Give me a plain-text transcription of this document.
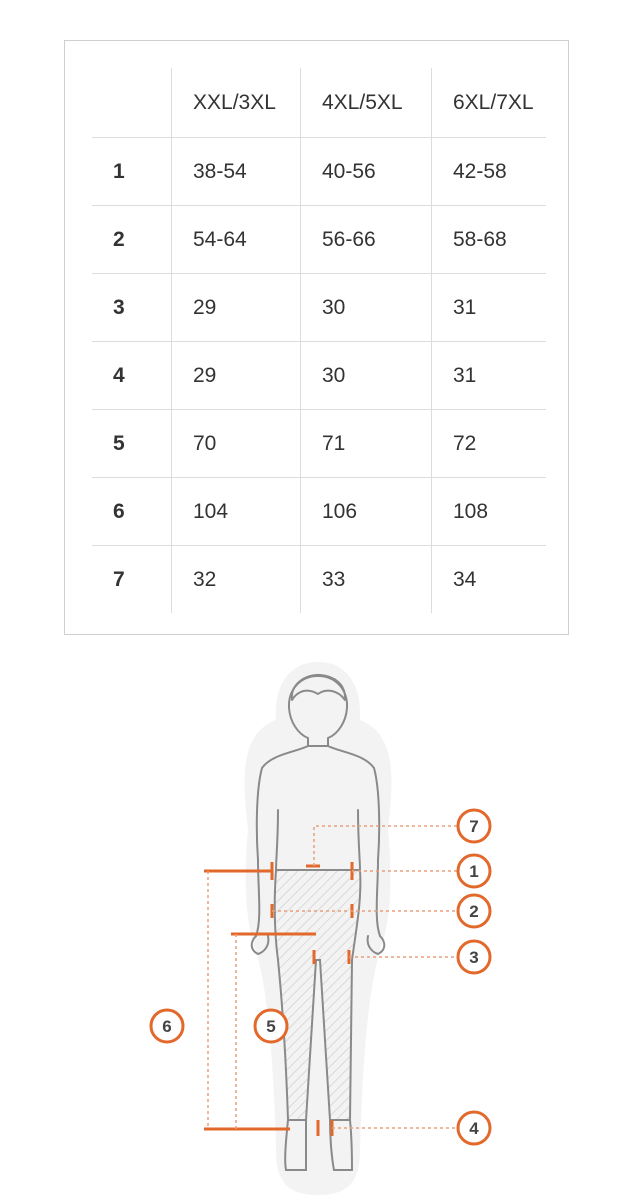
	XXL/3XL	4XL/5XL	6XL/7XL
1	38-54	40-56	42-58
2	54-64	56-66	58-68
3	29	30	31
4	29	30	31
5	70	71	72
6	104	106	108
7	32	33	34
7
1
2
3
6	5
4
